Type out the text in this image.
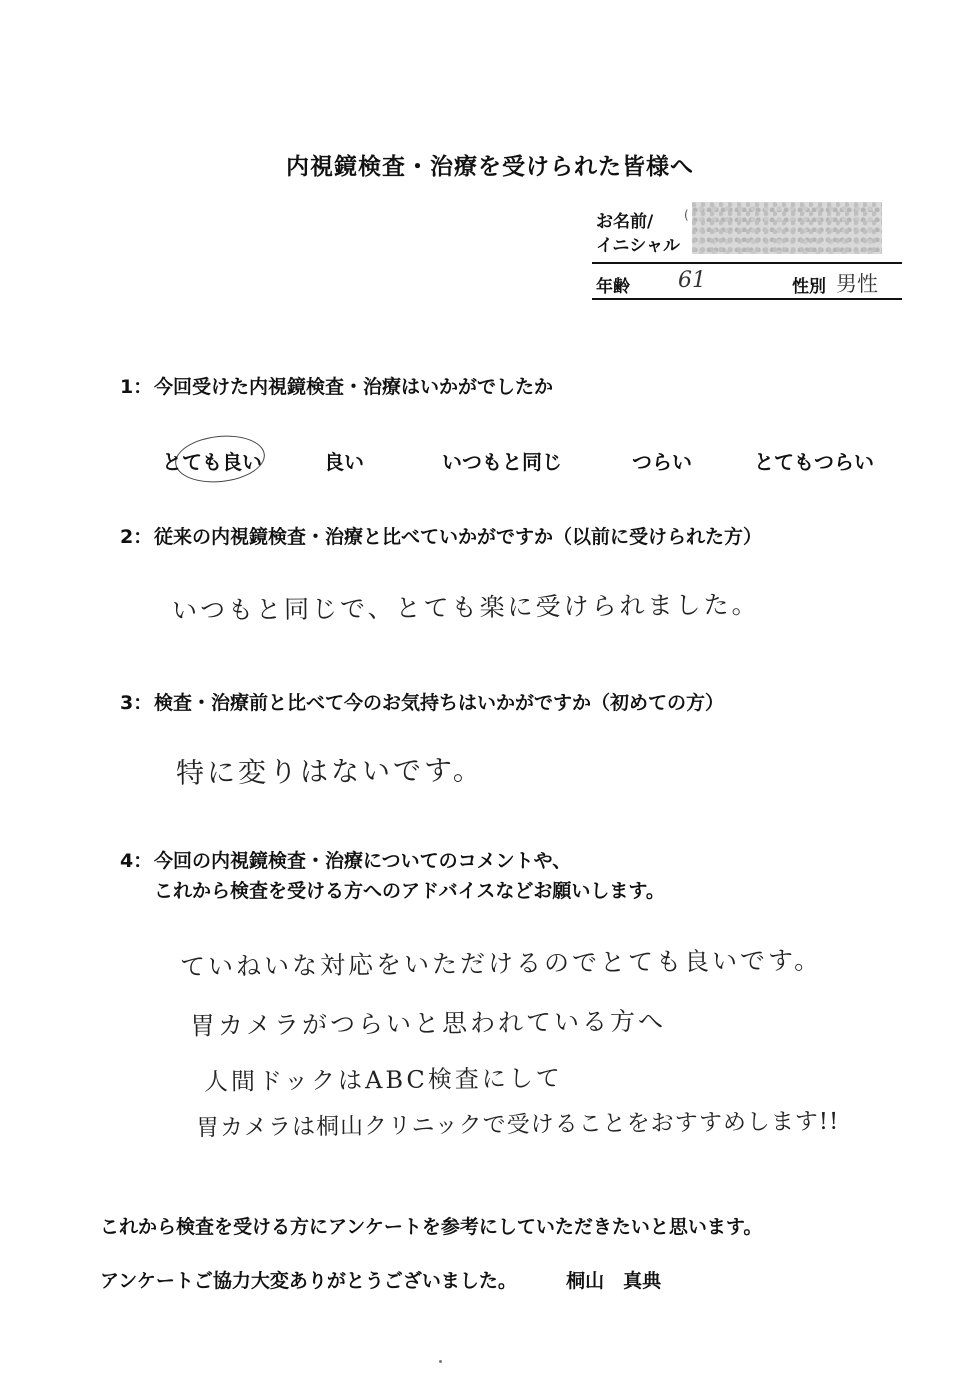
内視鏡検査・治療を受けられた皆様へ
お名前/
イニシャル
(
年齢 61	性別 男性
1：今回受けた内視鏡検査・治療はいかがでしたか
とても良い	良い	いつもと同じ	つらい	とてもつらい
2：従来の内視鏡検査・治療と比べていかがですか（以前に受けられた方）
いつもと同じで、とても楽に受けられました。
3：検査・治療前と比べて今のお気持ちはいかがですか（初めての方）
特に変りはないです。
4：今回の内視鏡検査・治療についてのコメントや、
これから検査を受ける方へのアドバイスなどお願いします。
ていねいな対応をいただけるのでとても良いです。
胃カメラがつらいと思われている方へ
人間ドックはABC検査にして
胃カメラは桐山クリニックで受けることをおすすめします!!
これから検査を受ける方にアンケートを参考にしていただきたいと思います。
アンケートご協力大変ありがとうございました。	桐山　真典
